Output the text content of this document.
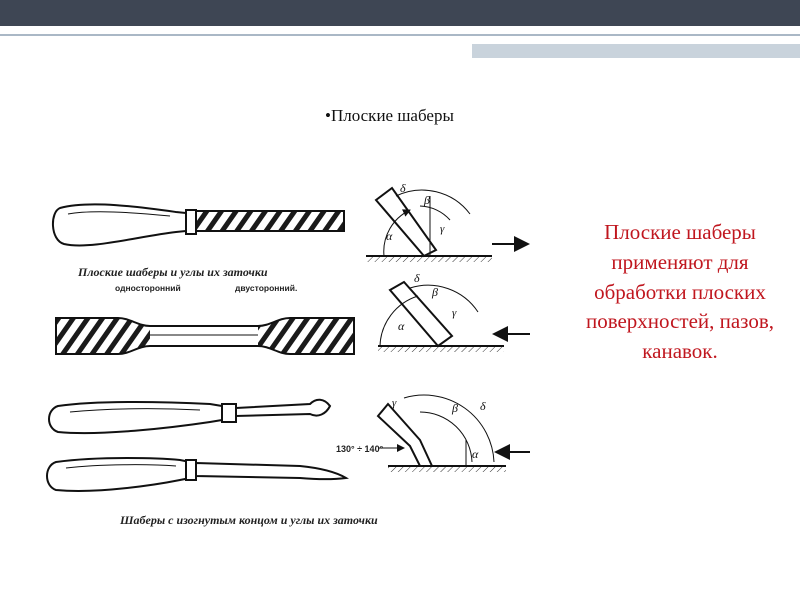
•Плоские шаберы
Плоские шаберы и углы их заточки
односторонний	двусторонний.
Шаберы с изогнутым концом и углы их заточки
δ
β
γ
α
δ
β
γ
α
γ	β δ
α
130° ÷ 140°
Плоские шаберы применяют для обработки плоских поверхностей, пазов, канавок.
